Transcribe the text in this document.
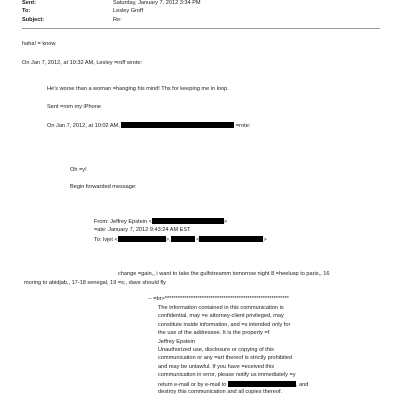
Sent:	Saturday, January 7, 2012 3:34 PM
To:	Lesley Groff
Subject:	Re:
haha! = know.
On Jan 7, 2012, at 10:32 AM, Lesley =roff wrote:
He's worse than a woman =hanging his mind! Thx for keeping me in loop.
Sent =rom my iPhone
On Jan 7, 2012, at 10:02 AM,	=rote:
Oh =y!
Begin forwarded message:
From: Jeffrey Epstein <	>
=ate: January 7, 2012 9:43:24 AM EST
To: lvjet <	>,	<	>
change =gain,, i want to take the gulfstreamm tomorrow night 8 =heelusp to paris,, 16
moring to abidjab,, 17-18 senegal, 19 =s;, dave should fly
-- =br>*********************************************************
The information contained in this communication is
confidential, may =e attorney-client privileged, may
constitute inside information, and =s intended only for
the use of the addressee. It is the property =f
Jeffrey Epstein
Unauthorized use, disclosure or copying of this
communication or any =art thereof is strictly prohibited
and may be unlawful. If you have =eceived this
communication in error, please notify us immediately =y
return e-mail or by e-mail to	, and
destroy this communication and all copies thereof.
